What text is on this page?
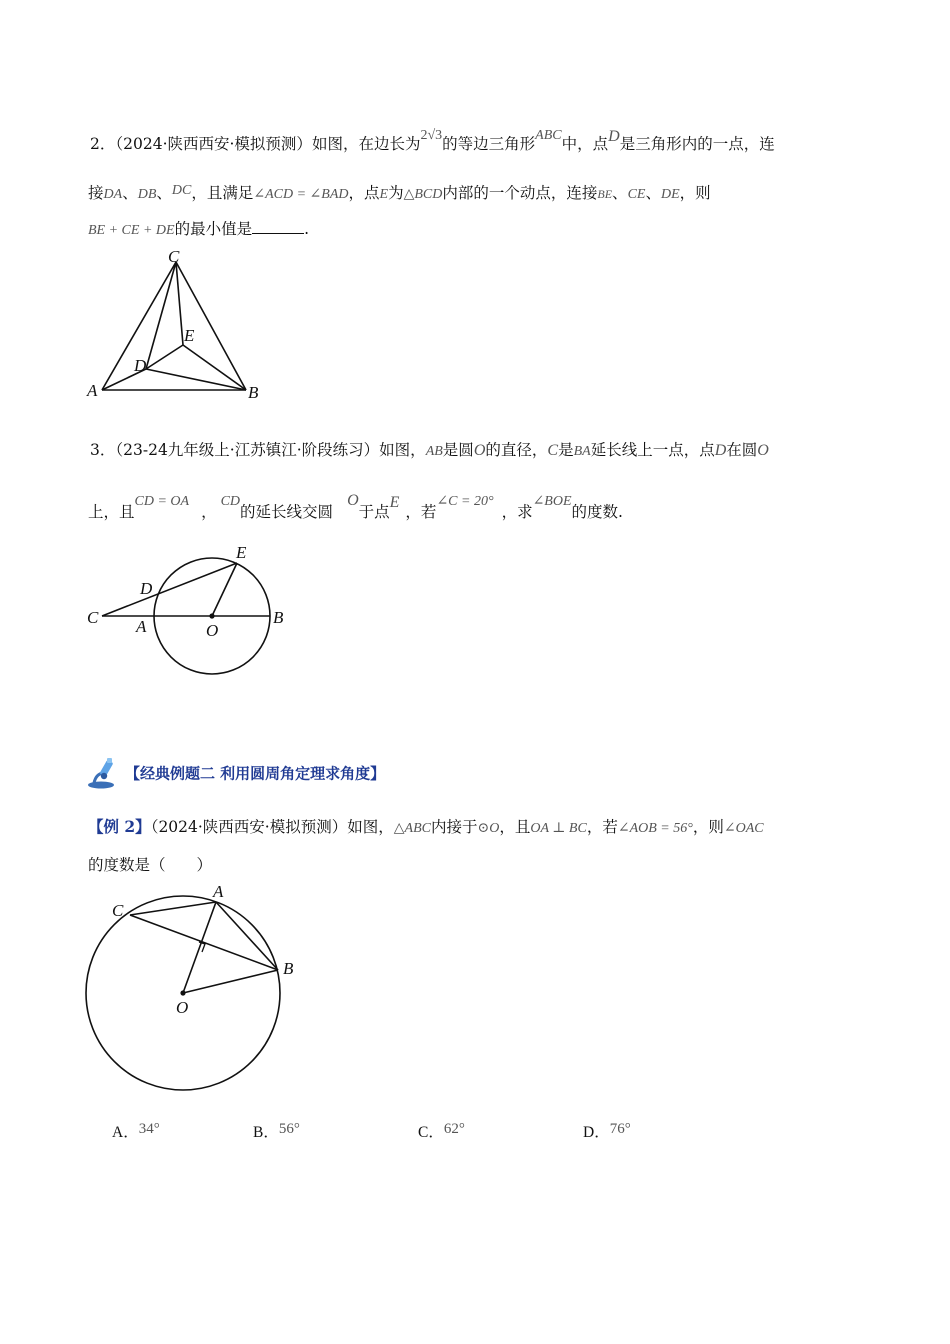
2．（2024·陕西西安·模拟预测）如图，在边长为2√3的等边三角形ABC中，点D是三角形内的一点，连
接DA、DB、DC，且满足∠ACD = ∠BAD，点E为△BCD内部的一个动点，连接BE、CE、DE，则
BE + CE + DE的最小值是	.
C
A	B
D
E
3．（23-24九年级上·江苏镇江·阶段练习）如图，AB是圆O的直径，C是BA延长线上一点，点D在圆O
上，且CD = OA，CD的延长线交圆O于点E，若∠C = 20°，求∠BOE的度数.
E
D
C A	O
B
【经典例题二 利用圆周角定理求角度】
【例 2】（2024·陕西西安·模拟预测）如图，△ABC内接于⊙O，且OA ⊥ BC，若∠AOB = 56°，则∠OAC
的度数是（　　）
A
C
B
O
A．34°	B．56°	C．62°	D．76°
